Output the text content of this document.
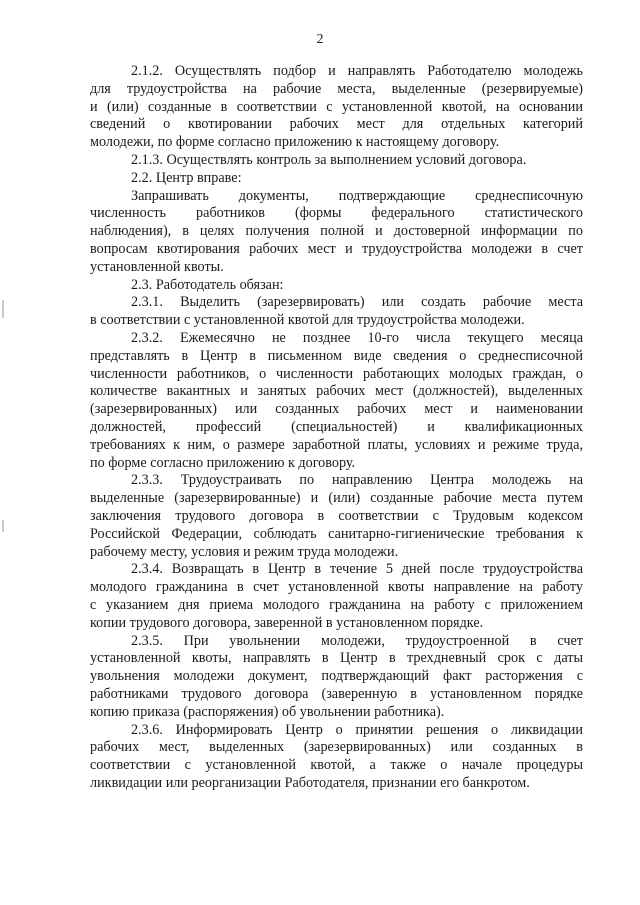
2
2.1.2. Осуществлять подбор и направлять Работодателю молодежь
для трудоустройства на рабочие места, выделенные (резервируемые)
и (или) созданные в соответствии с установленной квотой, на основании
сведений о квотировании рабочих мест для отдельных категорий
молодежи, по форме согласно приложению к настоящему договору.
2.1.3. Осуществлять контроль за выполнением условий договора.
2.2. Центр вправе:
Запрашивать документы, подтверждающие среднесписочную
численность работников (формы федерального статистического
наблюдения), в целях получения полной и достоверной информации по
вопросам квотирования рабочих мест и трудоустройства молодежи в счет
установленной квоты.
2.3. Работодатель обязан:
2.3.1. Выделить (зарезервировать) или создать рабочие места
в соответствии с установленной квотой для трудоустройства молодежи.
2.3.2. Ежемесячно не позднее 10-го числа текущего месяца
представлять в Центр в письменном виде сведения о среднесписочной
численности работников, о численности работающих молодых граждан, о
количестве вакантных и занятых рабочих мест (должностей), выделенных
(зарезервированных) или созданных рабочих мест и наименовании
должностей, профессий (специальностей) и квалификационных
требованиях к ним, о размере заработной платы, условиях и режиме труда,
по форме согласно приложению к договору.
2.3.3. Трудоустраивать по направлению Центра молодежь на
выделенные (зарезервированные) и (или) созданные рабочие места путем
заключения трудового договора в соответствии с Трудовым кодексом
Российской Федерации, соблюдать санитарно-гигиенические требования к
рабочему месту, условия и режим труда молодежи.
2.3.4. Возвращать в Центр в течение 5 дней после трудоустройства
молодого гражданина в счет установленной квоты направление на работу
с указанием дня приема молодого гражданина на работу с приложением
копии трудового договора, заверенной в установленном порядке.
2.3.5. При увольнении молодежи, трудоустроенной в счет
установленной квоты, направлять в Центр в трехдневный срок с даты
увольнения молодежи документ, подтверждающий факт расторжения с
работниками трудового договора (заверенную в установленном порядке
копию приказа (распоряжения) об увольнении работника).
2.3.6. Информировать Центр о принятии решения о ликвидации
рабочих мест, выделенных (зарезервированных) или созданных в
соответствии с установленной квотой, а также о начале процедуры
ликвидации или реорганизации Работодателя, признании его банкротом.
